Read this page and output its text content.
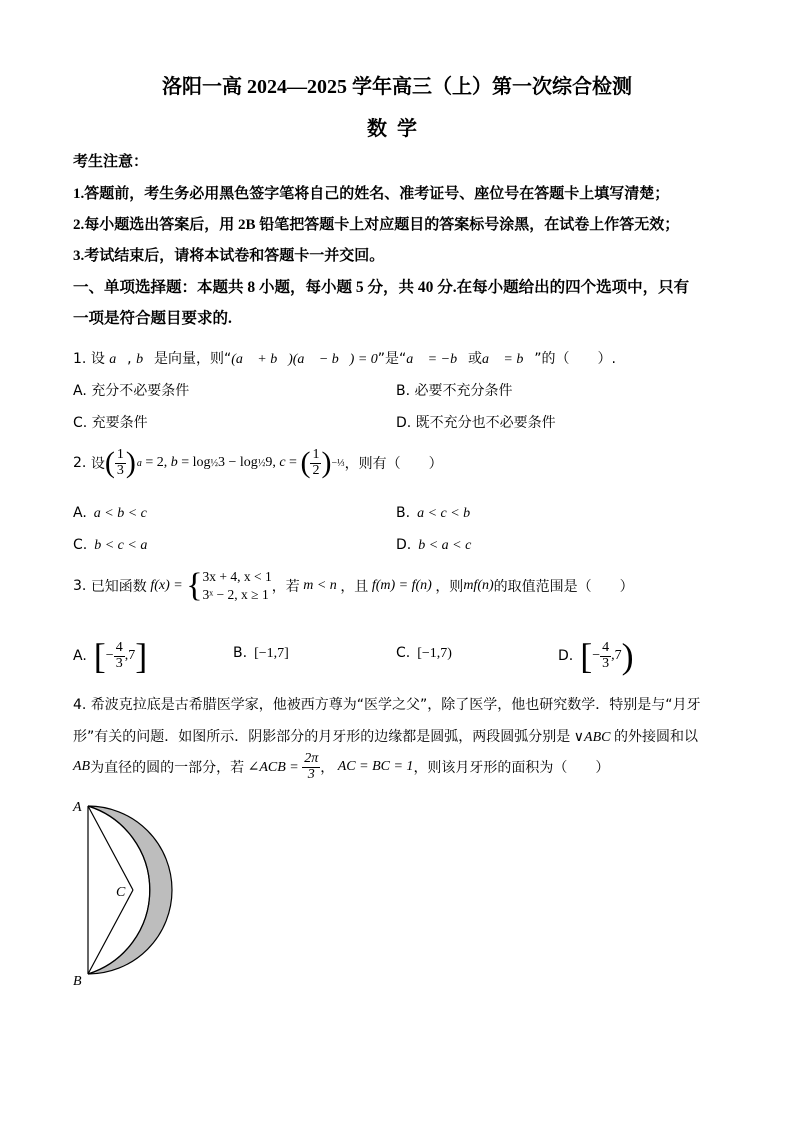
洛阳一高 2024—2025 学年高三（上）第一次综合检测
数学
考生注意：
1.答题前，考生务必用黑色签字笔将自己的姓名、准考证号、座位号在答题卡上填写清楚；
2.每小题选出答案后，用 2B 铅笔把答题卡上对应题目的答案标号涂黑，在试卷上作答无效；
3.考试结束后，请将本试卷和答题卡一并交回。
一、单项选择题：本题共 8 小题，每小题 5 分，共 40 分.在每小题给出的四个选项中，只有
一项是符合题目要求的.
1. 设 a⃗, b⃗是向量，则“(a⃗ + b⃗)(a⃗ − b⃗) = 0”是“a⃗ = −b⃗或a⃗ = b⃗”的（　　）.
A. 充分不必要条件	B. 必要不充分条件
C. 充要条件	D. 既不充分也不必要条件
2.
设 ( $\frac{1}{3}$ ) a = 2, b = log ½ 3 − log ½ 9, c = ( $\frac{1}{2}$ ) −⅓ ，则有（　　）
A. a < b < c	B. a < c < b
C. b < c < a	D. b < a < c
3.
已知函数 f(x) = { 3x + 4, x < 1
3ˣ − 2, x ≥ 1 ，若 m < n ，且 f(m) = f(n) ，则 mf(n) 的取值范围是（　　）
A.
[ − $\frac{4}{3} ,7$ ]	B. [−1,7]	C. [−1,7)	D.
[ − $\frac{4}{3} ,7$ )
4. 希波克拉底是古希腊医学家，他被西方尊为“医学之父”，除了医学，他也研究数学．特别是与“月牙
形”有关的问题．如图所示．阴影部分的月牙形的边缘都是圆弧，两段圆弧分别是 ∨ABC 的外接圆和以
AB 为直径的圆的一部分，若 ∠ACB = $\frac{2\pi}{3}$ ， AC = BC = 1 ，则该月牙形的面积为（　　）
A
B
C
